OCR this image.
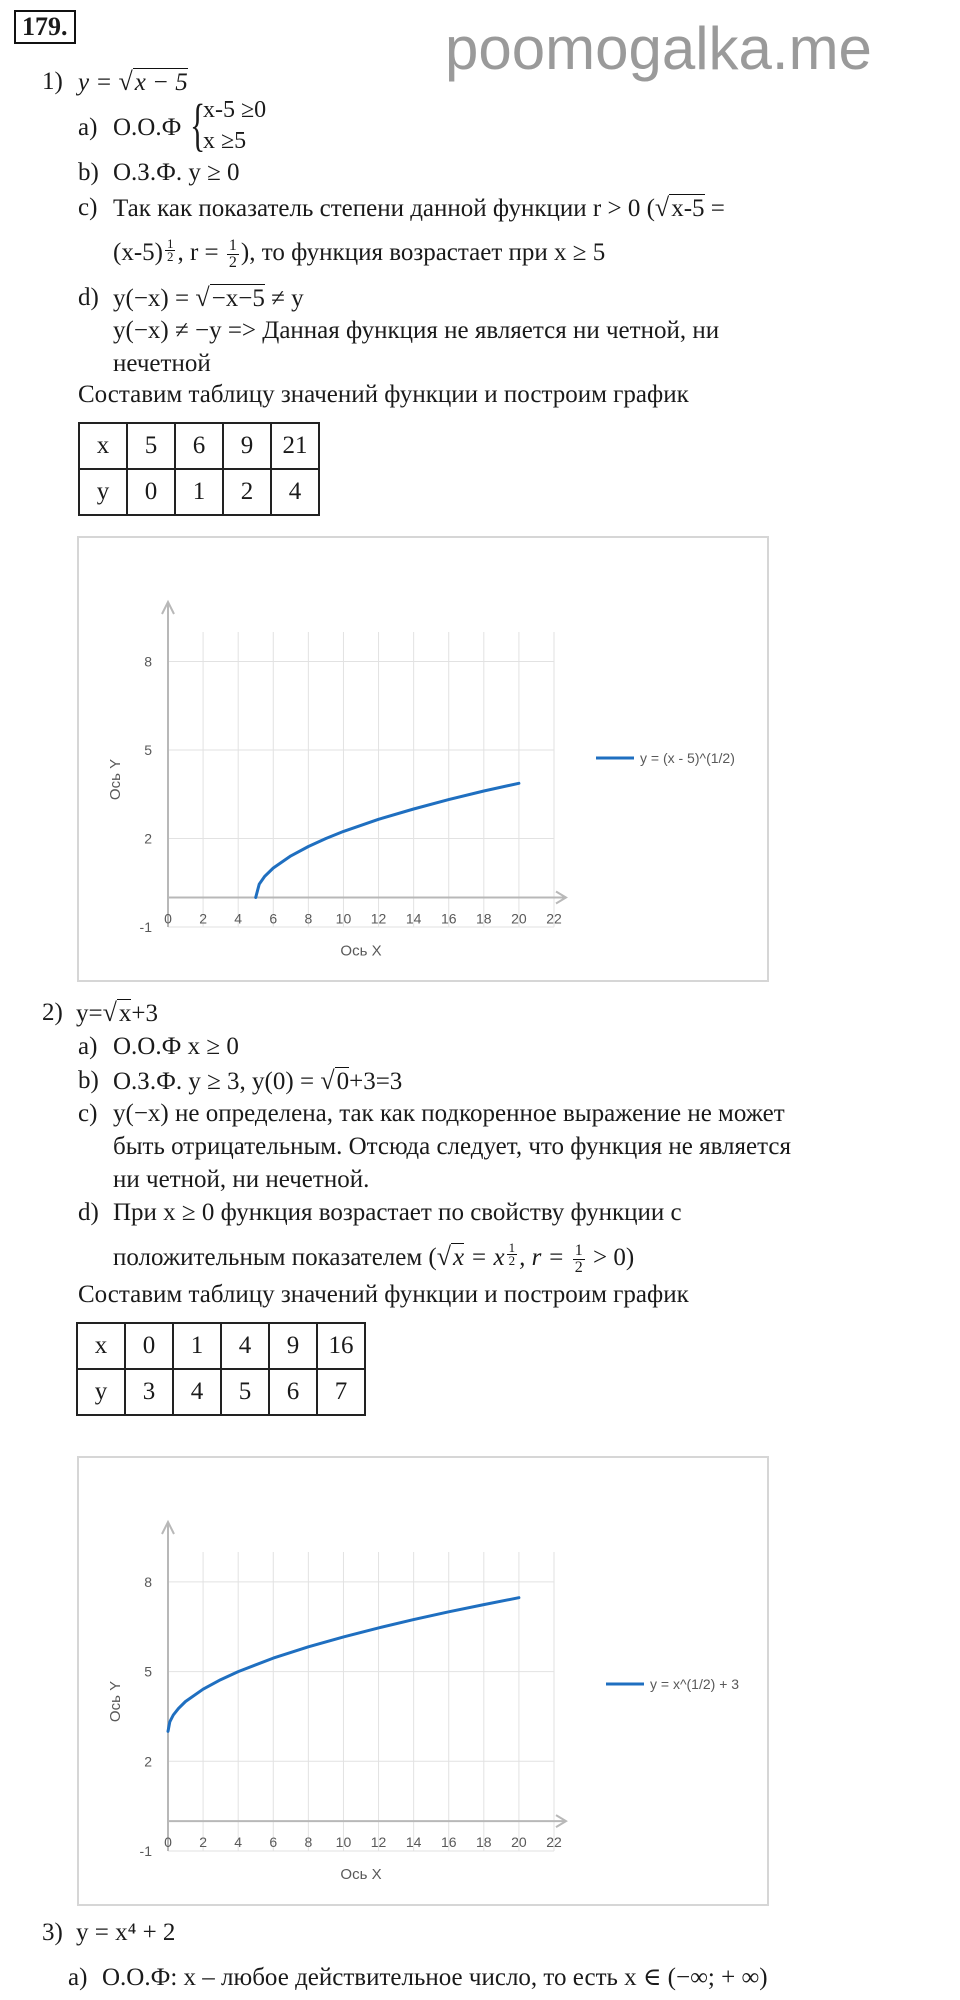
179.	poomogalka.me
1) y = √x − 5
a) О.О.Ф {
x-5 ≥0
x ≥5
b) О.З.Ф. y ≥ 0
c) Так как показатель степени данной функции r > 0 (√x-5 =
$(x-5) \frac{1}{2}$ , $r = \frac{1}{2}$ ), то функция возрастает при x ≥ 5
d) y(−x) = √−x−5 ≠ y
y(−x) ≠ −y => Данная функция не является ни четной, ни
нечетной
Составим таблицу значений функции и построим график
x	5	6	9	21
y	0	1	2	4
0 2 4 6 8 10 12 14 16 18 20 22
-1
2
5
8
Ось X
Ось Y
y = (x - 5)^(1/2)
2) y=√x+3
a) О.О.Ф x ≥ 0
b) О.З.Ф. y ≥ 3, y(0) = √0+3=3
c) y(−x) не определена, так как подкоренное выражение не может
быть отрицательным. Отсюда следует, что функция не является
ни четной, ни нечетной.
d) При x ≥ 0 функция возрастает по свойству функции с
положительным показателем (√x = x $\frac{1}{2}$ , $r = \frac{1}{2} > 0$)
Составим таблицу значений функции и построим график
x	0	1	4	9	16
y	3	4	5	6	7
0 2 4 6 8 10 12 14 16 18 20 22
-1
2
5
8
Ось X
Ось Y	y = x^(1/2) + 3
3) y = x⁴ + 2
a) О.О.Ф: x – любое действительное число, то есть x ∈ (−∞; + ∞)
